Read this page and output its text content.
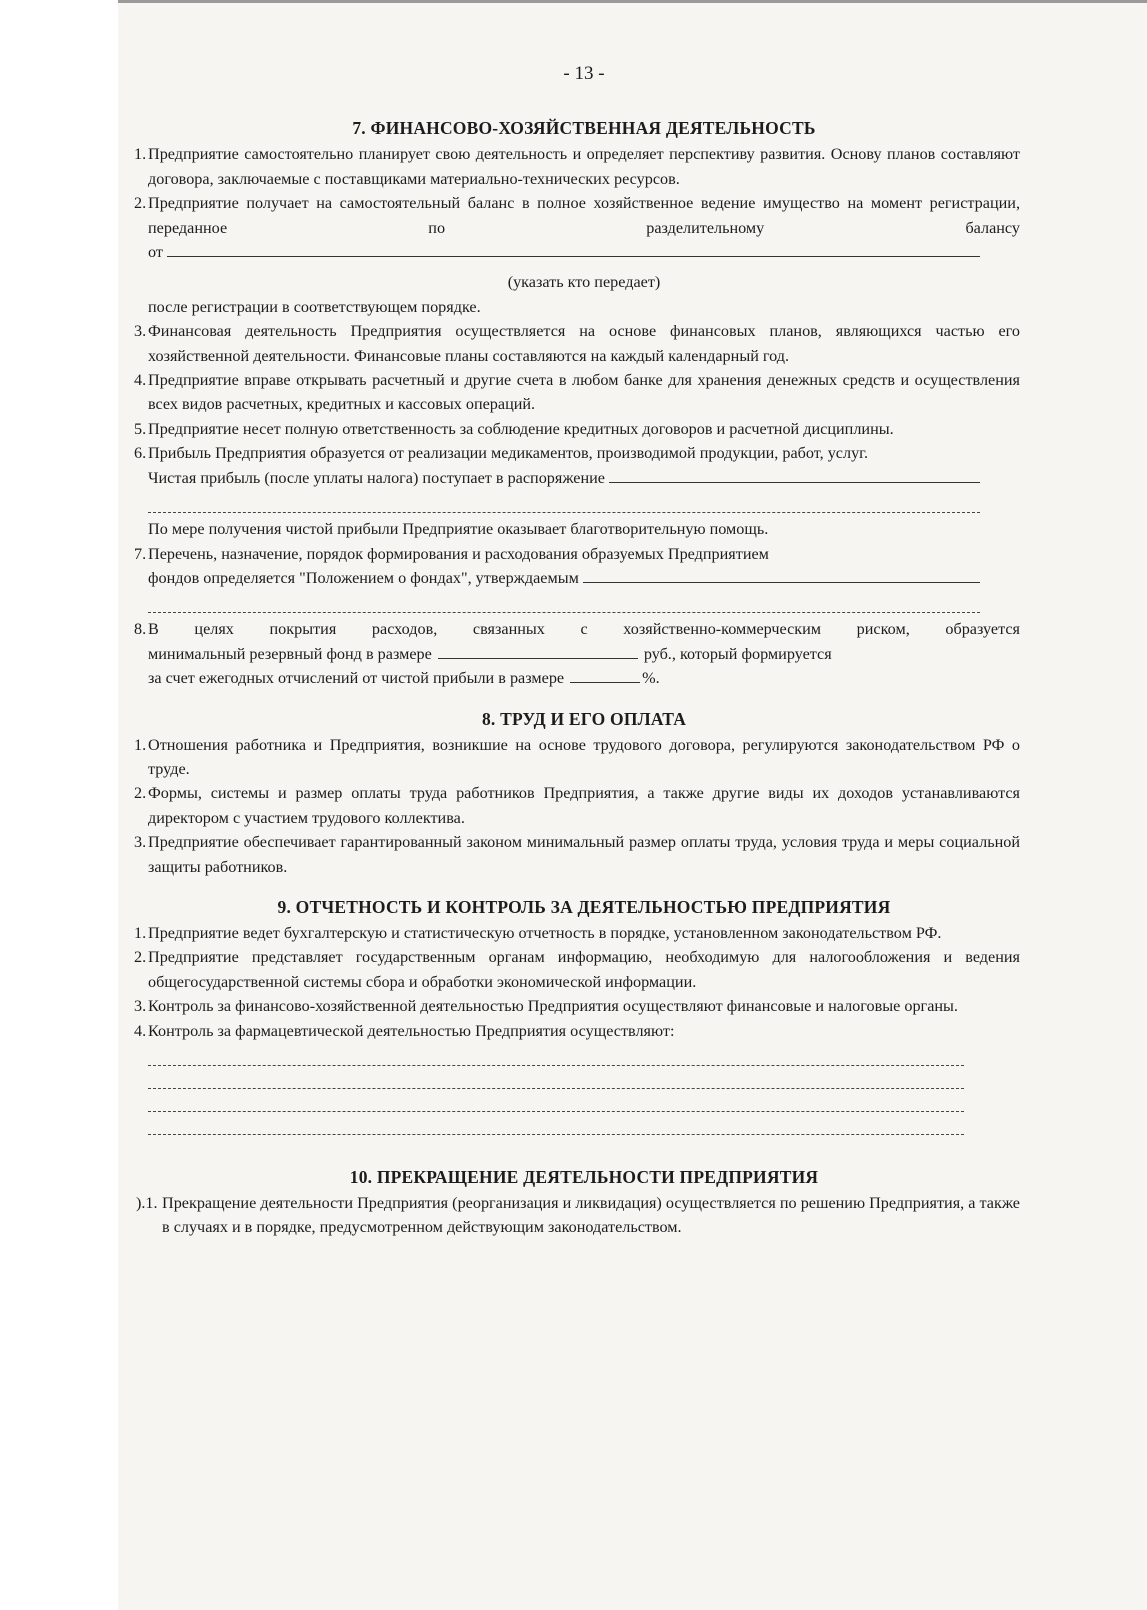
- 13 -
7. ФИНАНСОВО-ХОЗЯЙСТВЕННАЯ ДЕЯТЕЛЬНОСТЬ
1. Предприятие самостоятельно планирует свою деятельность и определяет перспективу развития. Основу планов составляют договора, заключаемые с поставщиками материально-технических ресурсов.
2. Предприятие получает на самостоятельный баланс в полное хозяйственное ведение имущество на момент регистрации, переданное по разделительному балансу
от
(указать кто передает)
после регистрации в соответствующем порядке.
3. Финансовая деятельность Предприятия осуществляется на основе финансовых планов, являющихся частью его хозяйственной деятельности. Финансовые планы составляются на каждый календарный год.
4. Предприятие вправе открывать расчетный и другие счета в любом банке для хранения денежных средств и осуществления всех видов расчетных, кредитных и кассовых операций.
5. Предприятие несет полную ответственность за соблюдение кредитных договоров и расчетной дисциплины.
6. Прибыль Предприятия образуется от реализации медикаментов, производимой продукции, работ, услуг.
Чистая прибыль (после уплаты налога) поступает в распоряжение
По мере получения чистой прибыли Предприятие оказывает благотворительную помощь.
7. Перечень, назначение, порядок формирования и расходования образуемых Предприятием
фондов определяется "Положением о фондах", утверждаемым
8. В целях покрытия расходов, связанных с хозяйственно-коммерческим риском, образуется
минимальный резервный фонд в размере	руб., который формируется
за счет ежегодных отчислений от чистой прибыли в размере	%.
8. ТРУД И ЕГО ОПЛАТА
1. Отношения работника и Предприятия, возникшие на основе трудового договора, регулируются законодательством РФ о труде.
2. Формы, системы и размер оплаты труда работников Предприятия, а также другие виды их доходов устанавливаются директором с участием трудового коллектива.
3. Предприятие обеспечивает гарантированный законом минимальный размер оплаты труда, условия труда и меры социальной защиты работников.
9. ОТЧЕТНОСТЬ И КОНТРОЛЬ ЗА ДЕЯТЕЛЬНОСТЬЮ ПРЕДПРИЯТИЯ
1. Предприятие ведет бухгалтерскую и статистическую отчетность в порядке, установленном законодательством РФ.
2. Предприятие представляет государственным органам информацию, необходимую для налогообложения и ведения общегосударственной системы сбора и обработки экономической информации.
3. Контроль за финансово-хозяйственной деятельностью Предприятия осуществляют финансовые и налоговые органы.
4. Контроль за фармацевтической деятельностью Предприятия осуществляют:
10. ПРЕКРАЩЕНИЕ ДЕЯТЕЛЬНОСТИ ПРЕДПРИЯТИЯ
).1. Прекращение деятельности Предприятия (реорганизация и ликвидация) осуществляется по решению Предприятия, а также в случаях и в порядке, предусмотренном действующим законодательством.
